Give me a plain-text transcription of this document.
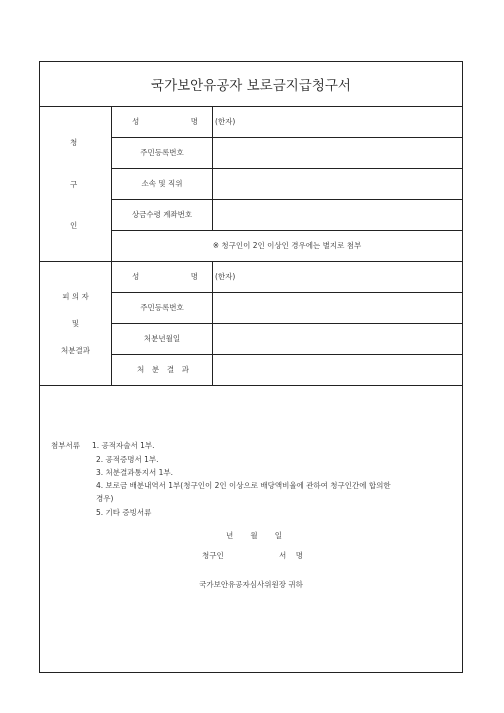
국가보안유공자 보로금지급청구서
청
구
인
성	명 (한자)
주민등록번호
소속 및 직위
상금수령 계좌번호
※ 청구인이 2인 이상인 경우에는 별지로 첨부
피 의 자
및
처분결과
성	명 (한자)
주민등록번호
처분년월일
처 분 결 과
첨부서류 1. 공적자술서 1부.
2. 공적증명서 1부.
3. 처분결과통지서 1부.
4. 보로금 배분내역서 1부(청구인이 2인 이상으로 배당액비율에 관하여 청구인간에 합의한
경우)
5. 기타 증빙서류
년 월 일
청구인	서 명
국가보안유공자심사위원장 귀하
